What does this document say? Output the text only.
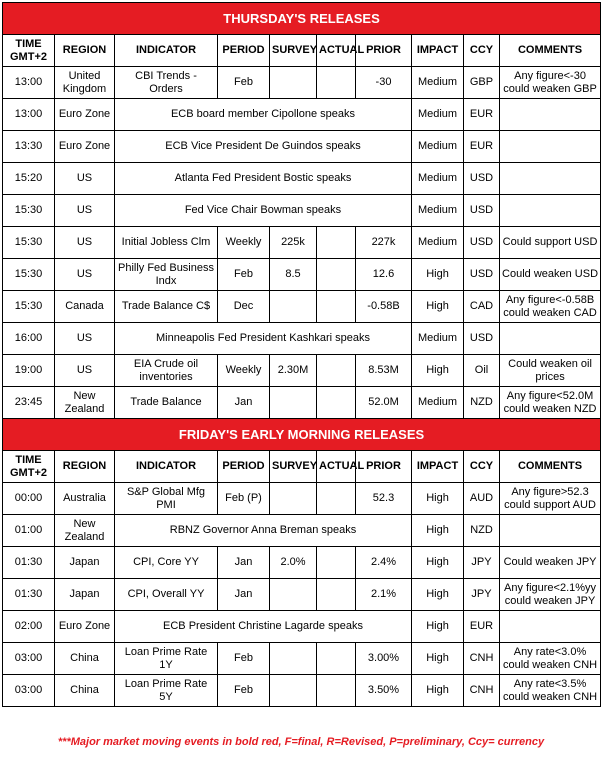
THURSDAY'S RELEASES									
TIME GMT+2	REGION	INDICATOR	PERIOD	SURVEY	ACTUAL	PRIOR	IMPACT	CCY	COMMENTS
13:00	United Kingdom	CBI Trends - Orders	Feb			-30	Medium	GBP	Any figure<-30 could weaken GBP
13:00	Euro Zone	ECB board member Cipollone speaks					Medium	EUR	
13:30	Euro Zone	ECB Vice President De Guindos speaks					Medium	EUR	
15:20	US	Atlanta Fed President Bostic speaks					Medium	USD	
15:30	US	Fed Vice Chair Bowman speaks					Medium	USD	
15:30	US	Initial Jobless Clm	Weekly	225k		227k	Medium	USD	Could support USD
15:30	US	Philly Fed Business Indx	Feb	8.5		12.6	High	USD	Could weaken USD
15:30	Canada	Trade Balance C$	Dec			-0.58B	High	CAD	Any figure<-0.58B could weaken CAD
16:00	US	Minneapolis Fed President Kashkari speaks					Medium	USD	
19:00	US	EIA Crude oil inventories	Weekly	2.30M		8.53M	High	Oil	Could weaken oil prices
23:45	New Zealand	Trade Balance	Jan			52.0M	Medium	NZD	Any figure<52.0M could weaken NZD
FRIDAY'S EARLY MORNING RELEASES									
TIME GMT+2	REGION	INDICATOR	PERIOD	SURVEY	ACTUAL	PRIOR	IMPACT	CCY	COMMENTS
00:00	Australia	S&P Global Mfg PMI	Feb (P)			52.3	High	AUD	Any figure>52.3 could support AUD
01:00	New Zealand	RBNZ Governor Anna Breman speaks					High	NZD	
01:30	Japan	CPI, Core YY	Jan	2.0%		2.4%	High	JPY	Could weaken JPY
01:30	Japan	CPI, Overall YY	Jan			2.1%	High	JPY	Any figure<2.1%yy could weaken JPY
02:00	Euro Zone	ECB President Christine Lagarde speaks					High	EUR	
03:00	China	Loan Prime Rate 1Y	Feb			3.00%	High	CNH	Any rate<3.0% could weaken CNH
03:00	China	Loan Prime Rate 5Y	Feb			3.50%	High	CNH	Any rate<3.5% could weaken CNH
***Major market moving events in bold red, F=final, R=Revised, P=preliminary, Ccy= currency
